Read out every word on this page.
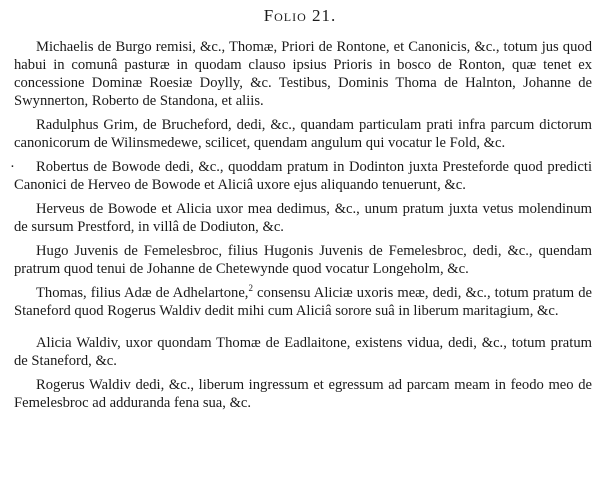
Folio 21.

Michaelis de Burgo remisi, &c., Thomæ, Priori de Rontone, et Canonicis, &c., totum jus quod habui in comunâ pasturæ in quodam clauso ipsius Prioris in bosco de Ronton, quæ tenet ex concessione Dominæ Roesiæ Doylly, &c. Testibus, Dominis Thoma de Halnton, Johanne de Swynnerton, Roberto de Standona, et aliis.

Radulphus Grim, de Brucheford, dedi, &c., quandam particulam prati infra parcum dictorum canonicorum de Wilinsmedewe, scilicet, quendam angulum qui vocatur le Fold, &c.

· Robertus de Bowode dedi, &c., quoddam pratum in Dodinton juxta Presteforde quod predicti Canonici de Herveo de Bowode et Aliciâ uxore ejus aliquando tenuerunt, &c.

Herveus de Bowode et Alicia uxor mea dedimus, &c., unum pratum juxta vetus molendinum de sursum Prestford, in villâ de Dodiuton, &c.

Hugo Juvenis de Femelesbroc, filius Hugonis Juvenis de Femelesbroc, dedi, &c., quendam pratrum quod tenui de Johanne de Chetewynde quod vocatur Longeholm, &c.

Thomas, filius Adæ de Adhelartone,$^2$ consensu Aliciæ uxoris meæ, dedi, &c., totum pratum de Staneford quod Rogerus Waldiv dedit mihi cum Aliciâ sorore suâ in liberum maritagium, &c.

Alicia Waldiv, uxor quondam Thomæ de Eadlaitone, existens vidua, dedi, &c., totum pratum de Staneford, &c.

Rogerus Waldiv dedi, &c., liberum ingressum et egressum ad parcam meam in feodo meo de Femelesbroc ad adduranda fena sua, &c.
